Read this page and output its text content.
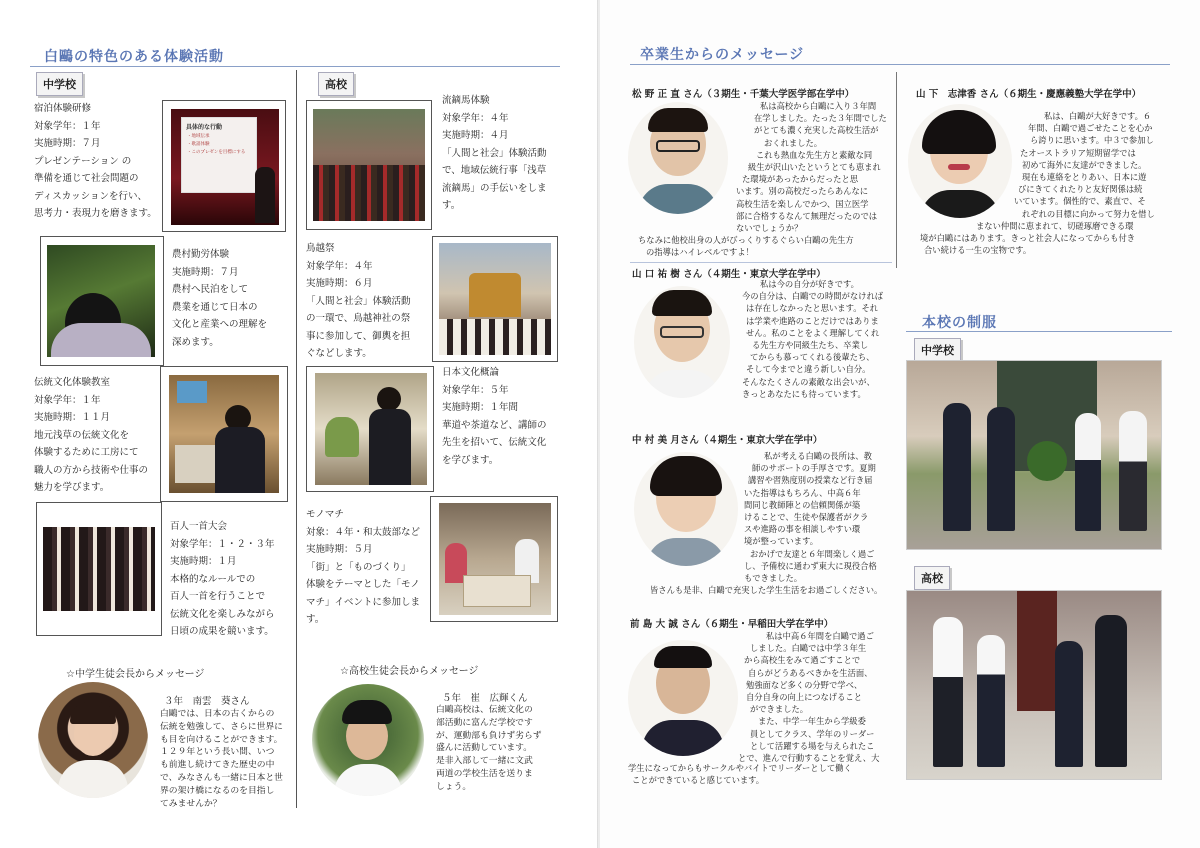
白鷗の特色のある体験活動
中学校	高校
宿泊体験研修
対象学年：１年
実施時期：７月
プレゼンテーション の
準備を通じて社会問題の
ディスカッションを行い、
思考力・表現力を磨きます。
具体的な行動
・地域伝承
・歌謡体験
・このプレゼンを目標にする
農村勤労体験
実施時期：７月
農村へ民泊をして
農業を通じて日本の
文化と産業への理解を
深めます。
伝統文化体験教室
対象学年：１年
実施時期：１１月
地元浅草の伝統文化を
体験するために工房にて
職人の方から技術や仕事の
魅力を学びます。
百人一首大会
対象学年：１・２・３年
実施時期：１月
本格的なルールでの
百人一首を行うことで
伝統文化を楽しみながら
日頃の成果を競います。
流鏑馬体験
対象学年：４年
実施時期：４月
「人間と社会」体験活動
で、地域伝統行事「浅草
流鏑馬」の手伝いをしま
す。
鳥越祭
対象学年：４年
実施時期：６月
「人間と社会」体験活動
の一環で、鳥越神社の祭
事に参加して、御輿を担
ぐなどします。
日本文化概論
対象学年：５年
実施時期：１年間
華道や茶道など、講師の
先生を招いて、伝統文化
を学びます。
モノマチ
対象：４年・和太鼓部など
実施時期：５月
「街」と「ものづくり」
体験をテーマとした「モノ
マチ」イベントに参加しま
す。
☆中学生徒会長からメッセージ
３年　南雲　葵さん
白鷗では、日本の古くからの
伝統を勉強して、さらに世界に
も目を向けることができます。
１２９年という長い間、いつ
も前進し続けてきた歴史の中
で、みなさんも一緒に日本と世
界の架け橋になるのを目指し
てみませんか？
☆高校生徒会長からメッセージ
５年　崔　広輝くん
白鷗高校は、伝統文化の
部活動に富んだ学校です
が、運動部も負けず劣らず
盛んに活動しています。
是非入部して一緒に文武
両道の学校生活を送りま
しょう。
卒業生からのメッセージ
松 野 正 直 さん（３期生・千葉大学医学部在学中）
私は高校から白鷗に入り３年間
在学しました。たった３年間でした
がとても濃く充実した高校生活が
おくれました。
これも熱血な先生方と素敵な同
級生が沢山いたというとても恵まれ
た環境があったからだったと思
います。別の高校だったらあんなに
高校生活を楽しんでかつ、国立医学
部に合格するなんて無理だったのでは
ないでしょうか？
ちなみに他校出身の人がびっくりするぐらい白鷗の先生方
の指導はハイレベルですよ！
山 口 祐 樹 さん（４期生・東京大学在学中）
私は今の自分が好きです。
今の自分は、白鷗での時間がなければ
は存在しなかったと思います。それ
は学業や進路のことだけではありま
せん。私のことをよく理解してくれ
る先生方や同級生たち、卒業し
てからも慕ってくれる後輩たち、
そして今までと違う新しい自分。
そんなたくさんの素敵な出会いが、
きっとあなたにも待っています。
中 村 美 月さん（４期生・東京大学在学中）
私が考える白鷗の長所は、教
師のサポートの手厚さです。夏期
講習や習熟度別の授業など行き届
いた指導はもちろん、中高６年
間同じ教師陣との信頼関係が築
けることで、生徒や保護者がクラ
スや進路の事を相談しやすい環
境が整っています。
おかげで友達と６年間楽しく過ご
し、予備校に通わず東大に現役合格
もできました。
皆さんも是非、白鷗で充実した学生生活をお過ごしください。
前 島 大 誠 さん（６期生・早稲田大学在学中）
私は中高６年間を白鷗で過ご
しました。白鷗では中学３年生
から高校生をみて過ごすことで
自らがどうあるべきかを生活面、
勉強面など多くの分野で学べ、
自分自身の向上につなげること
ができました。
また、中学一年生から学級委
員としてクラス、学年のリーダー
として活躍する場を与えられたこ
とで、進んで行動することを覚え、大
学生になってからもサークルやバイトでリーダーとして働く
ことができていると感じています。
山 下　志津香 さん（６期生・慶應義塾大学在学中）
私は、白鷗が大好きです。６
年間、白鷗で過ごせたことを心か
ら誇りに思います。中３で参加し
たオーストラリア短期留学では
初めて海外に友達ができました。
現在も連絡をとりあい、日本に遊
びにきてくれたりと友好関係は続
いています。個性的で、素直で、そ
れぞれの目標に向かって努力を惜し
まない仲間に恵まれて、切磋琢磨できる環
境が白鷗にはあります。きっと社会人になってからも付き
合い続ける一生の宝物です。
本校の制服
中学校
高校
